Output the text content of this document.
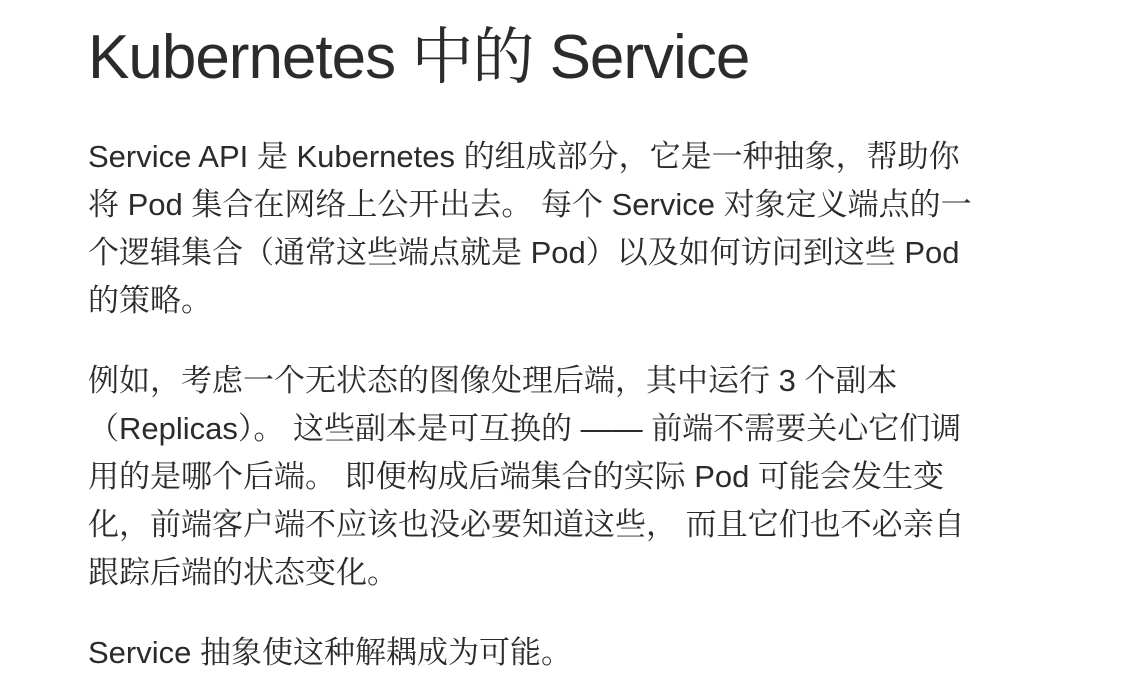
Kubernetes 中的 Service
Service API 是 Kubernetes 的组成部分，它是一种抽象，帮助你
将 Pod 集合在网络上公开出去。 每个 Service 对象定义端点的一
个逻辑集合（通常这些端点就是 Pod）以及如何访问到这些 Pod
的策略。
例如，考虑一个无状态的图像处理后端，其中运行 3 个副本
（Replicas）。 这些副本是可互换的 —— 前端不需要关心它们调
用的是哪个后端。 即便构成后端集合的实际 Pod 可能会发生变
化，前端客户端不应该也没必要知道这些， 而且它们也不必亲自
跟踪后端的状态变化。
Service 抽象使这种解耦成为可能。
